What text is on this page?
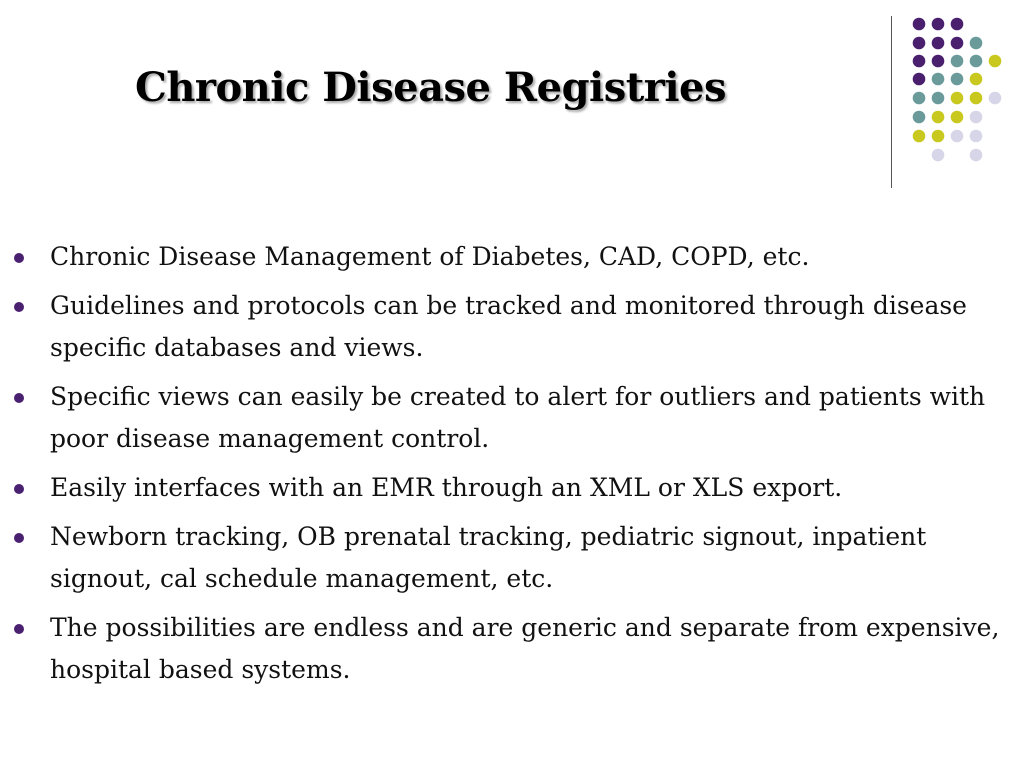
Chronic Disease Registries
Chronic Disease Management of Diabetes, CAD, COPD, etc.
Guidelines and protocols can be tracked and monitored through disease specific databases and views.
Specific views can easily be created to alert for outliers and patients with poor disease management control.
Easily interfaces with an EMR through an XML or XLS export.
Newborn tracking, OB prenatal tracking, pediatric signout, inpatient signout, cal schedule management, etc.
The possibilities are endless and are generic and separate from expensive, hospital based systems.
